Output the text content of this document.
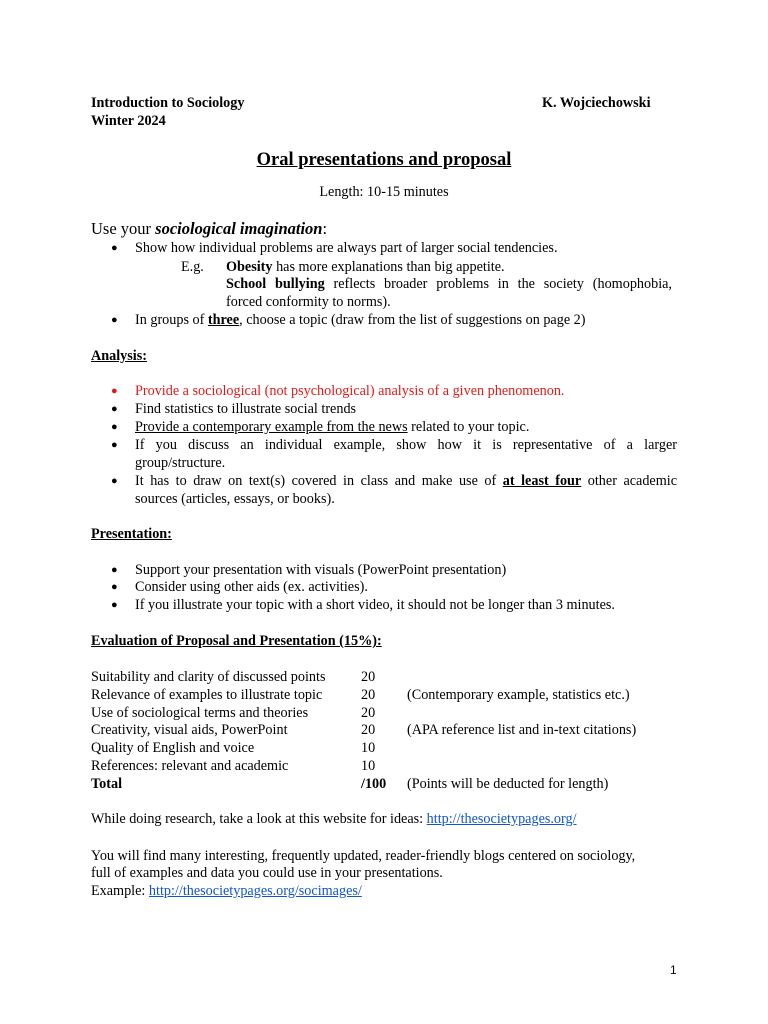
Introduction to Sociology
Winter 2024
K. Wojciechowski
Oral presentations and proposal
Length: 10-15 minutes
Use your sociological imagination:
● Show how individual problems are always part of larger social tendencies.
E.g. Obesity has more explanations than big appetite.
School bullying reflects broader problems in the society (homophobia,
forced conformity to norms).
● In groups of three, choose a topic (draw from the list of suggestions on page 2)
Analysis:
● Provide a sociological (not psychological) analysis of a given phenomenon.
● Find statistics to illustrate social trends
● Provide a contemporary example from the news related to your topic.
● If you discuss an individual example, show how it is representative of a larger
group/structure.
● It has to draw on text(s) covered in class and make use of at least four other academic
sources (articles, essays, or books).
Presentation:
● Support your presentation with visuals (PowerPoint presentation)
● Consider using other aids (ex. activities).
● If you illustrate your topic with a short video, it should not be longer than 3 minutes.
Evaluation of Proposal and Presentation (15%):
Suitability and clarity of discussed points	20
Relevance of examples to illustrate topic	20 (Contemporary example, statistics etc.)
Use of sociological terms and theories	20
Creativity, visual aids, PowerPoint	20 (APA reference list and in-text citations)
Quality of English and voice	10
References: relevant and academic	10
Total	/100 (Points will be deducted for length)
While doing research, take a look at this website for ideas: http://thesocietypages.org/
You will find many interesting, frequently updated, reader-friendly blogs centered on sociology,
full of examples and data you could use in your presentations.
Example: http://thesocietypages.org/socimages/
1
